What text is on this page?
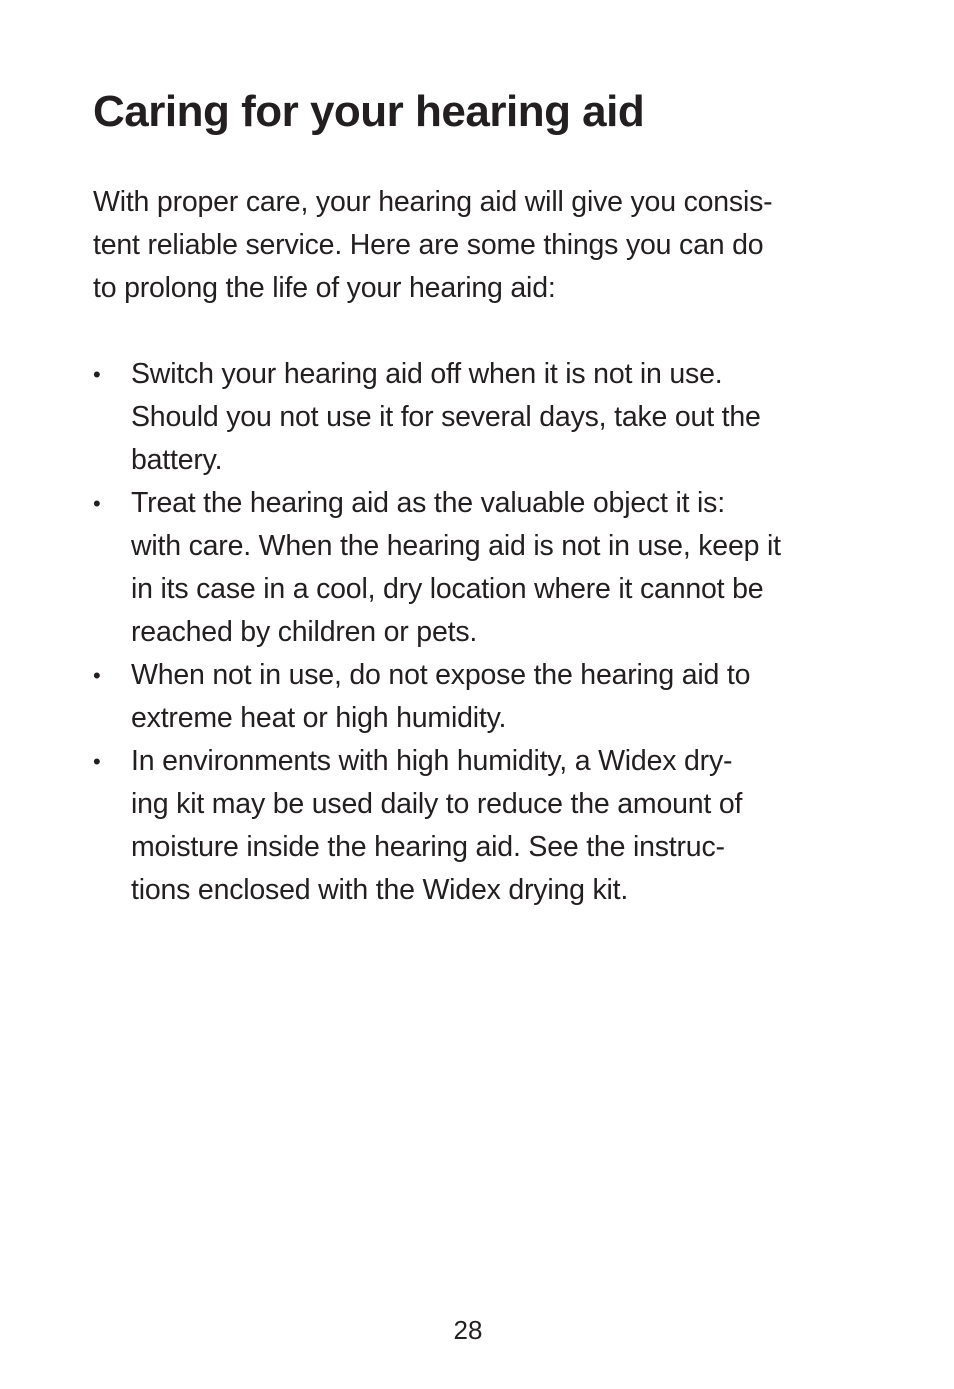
Caring for your hearing aid

With proper care, your hearing aid will give you consis-
tent reliable service. Here are some things you can do
to prolong the life of your hearing aid:

• Switch your hearing aid off when it is not in use.
Should you not use it for several days, take out the
battery.
• Treat the hearing aid as the valuable object it is:
with care. When the hearing aid is not in use, keep it
in its case in a cool, dry location where it cannot be
reached by children or pets.
• When not in use, do not expose the hearing aid to
extreme heat or high humidity.
• In environments with high humidity, a Widex dry-
ing kit may be used daily to reduce the amount of
moisture inside the hearing aid. See the instruc-
tions enclosed with the Widex drying kit.
28
